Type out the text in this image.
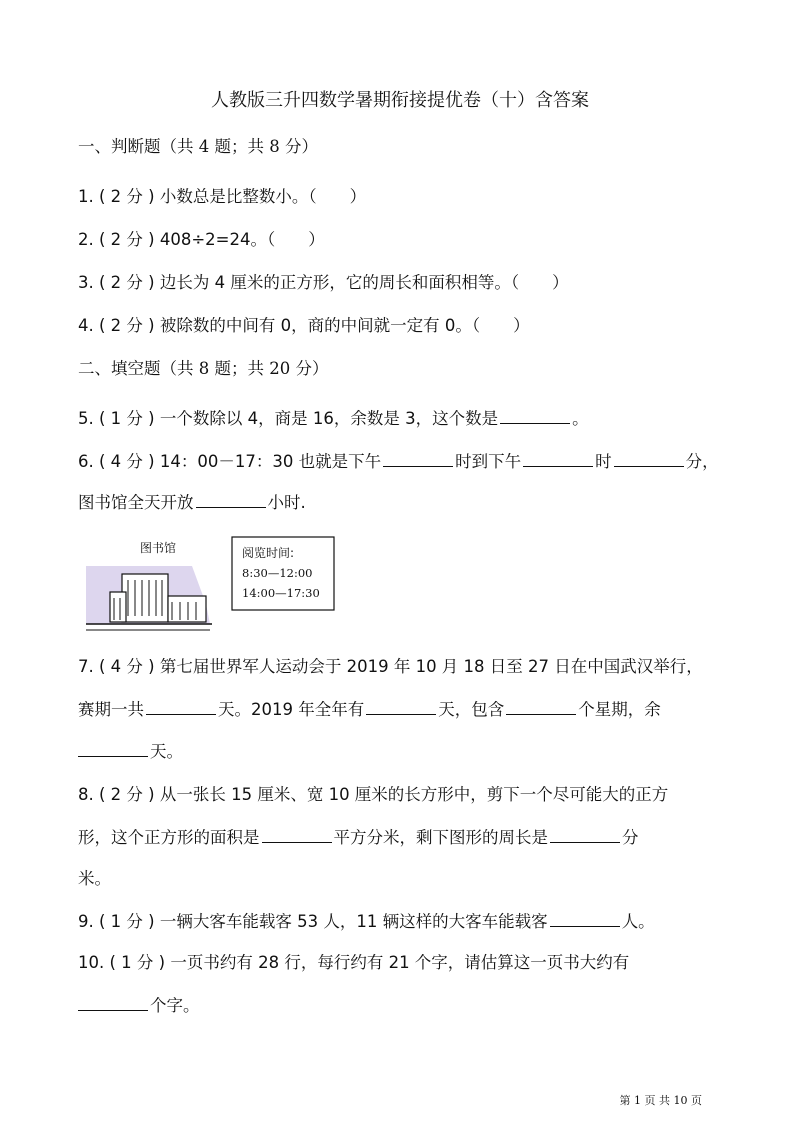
人教版三升四数学暑期衔接提优卷（十）含答案
一、判断题（共 4 题；共 8 分）
1. ( 2 分 ) 小数总是比整数小。（　　）
2. ( 2 分 ) 408÷2=24。（　　）
3. ( 2 分 ) 边长为 4 厘米的正方形，它的周长和面积相等。（　　）
4. ( 2 分 ) 被除数的中间有 0，商的中间就一定有 0。（　　）
二、填空题（共 8 题；共 20 分）
5. ( 1 分 ) 一个数除以 4，商是 16，余数是 3，这个数是	。
6. ( 4 分 ) 14：00－17：30 也就是下午	时到下午	时	分，
图书馆全天开放	小时.
图书馆	阅览时间:
8:30—12:00
14:00—17:30
7. ( 4 分 ) 第七届世界军人运动会于 2019 年 10 月 18 日至 27 日在中国武汉举行，
赛期一共	天。2019 年全年有	天，包含	个星期，余
天。
8. ( 2 分 ) 从一张长 15 厘米、宽 10 厘米的长方形中，剪下一个尽可能大的正方
形，这个正方形的面积是	平方分米，剩下图形的周长是	分
米。
9. ( 1 分 ) 一辆大客车能载客 53 人，11 辆这样的大客车能载客	人。
10. ( 1 分 ) 一页书约有 28 行，每行约有 21 个字，请估算这一页书大约有
个字。
第 1 页 共 10 页
